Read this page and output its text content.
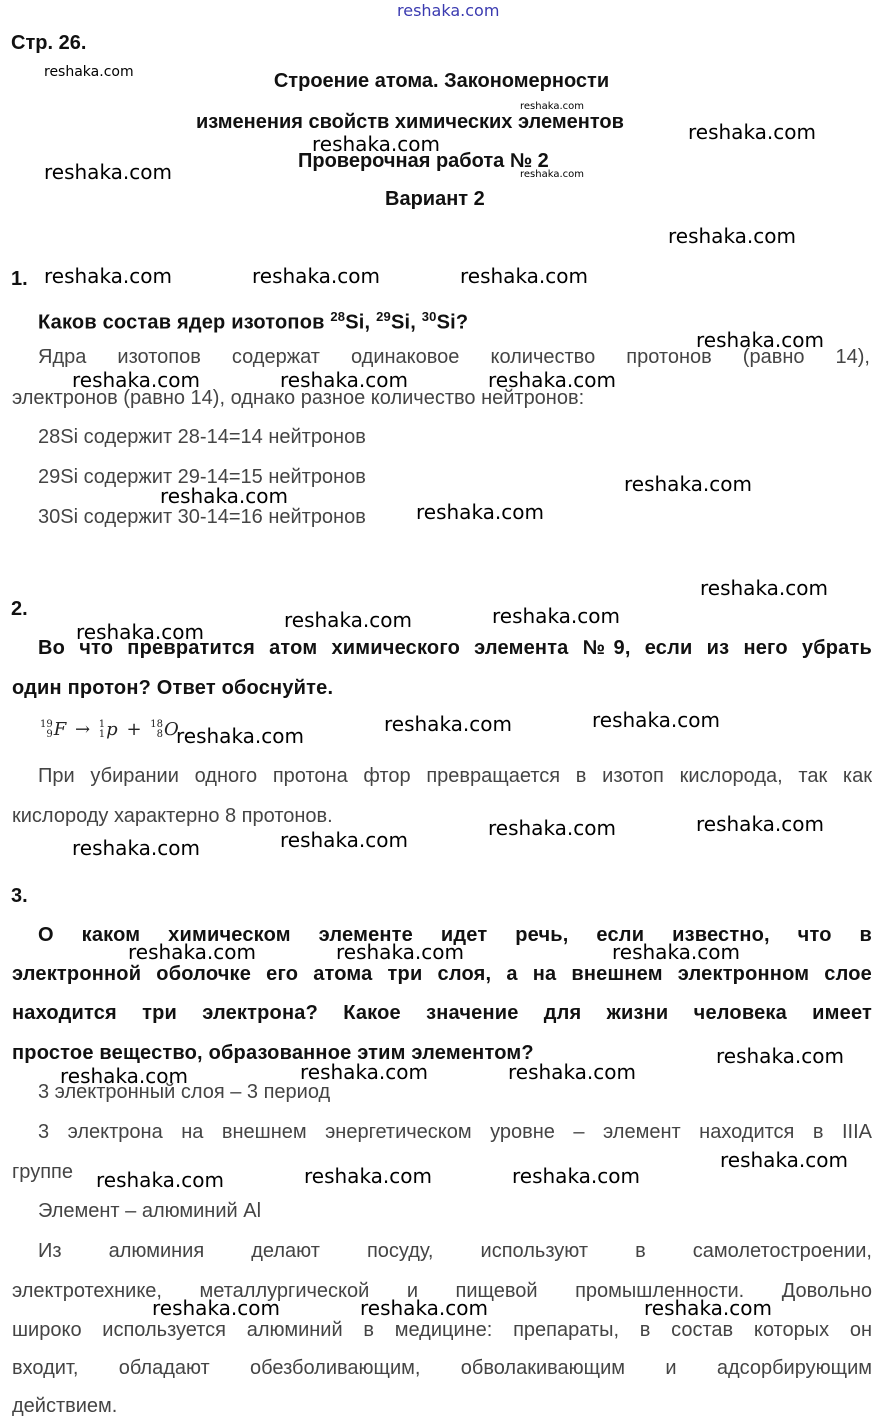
reshaka.com
Стр. 26.
Строение атома. Закономерности
изменения свойств химических элементов
Проверочная работа № 2
Вариант 2
1.
Каков состав ядер изотопов $^{28}$Si, $^{29}$Si, $^{30}$Si?
Ядра изотопов содержат одинаковое количество протонов (равно 14),
электронов (равно 14), однако разное количество нейтронов:
28Si содержит 28-14=14 нейтронов
29Si содержит 29-14=15 нейтронов
30Si содержит 30-14=16 нейтронов
2.
Во что превратится атом химического элемента №9, если из него убрать
один протон? Ответ обоснуйте.
19
9 F → 1
1 p + 18
8 O
При убирании одного протона фтор превращается в изотоп кислорода, так как
кислороду характерно 8 протонов.
3.
О каком химическом элементе идет речь, если известно, что в
электронной оболочке его атома три слоя, а на внешнем электронном слое
находится три электрона? Какое значение для жизни человека имеет
простое вещество, образованное этим элементом?
3 электронный слоя – 3 период
3 электрона на внешнем энергетическом уровне – элемент находится в IIIA
группе
Элемент – алюминий Al
Из алюминия делают посуду, используют в самолетостроении,
электротехнике, металлургической и пищевой промышленности. Довольно
широко используется алюминий в медицине: препараты, в состав которых он
входит, обладают обезболивающим, обволакивающим и адсорбирующим
действием.
reshaka.com
reshaka.com
reshaka.com	reshaka.com
reshaka.com
reshaka.com
reshaka.com
reshaka.com	reshaka.com	reshaka.com
reshaka.com
reshaka.com	reshaka.com	reshaka.com
reshaka.com
reshaka.com
reshaka.com
reshaka.com
reshaka.com	reshaka.com
reshaka.com
reshaka.com	reshaka.com
reshaka.com
reshaka.com	reshaka.com
reshaka.com
reshaka.com
reshaka.com	reshaka.com	reshaka.com
reshaka.com
reshaka.com	reshaka.com	reshaka.com
reshaka.com
reshaka.com	reshaka.com	reshaka.com
reshaka.com	reshaka.com	reshaka.com
